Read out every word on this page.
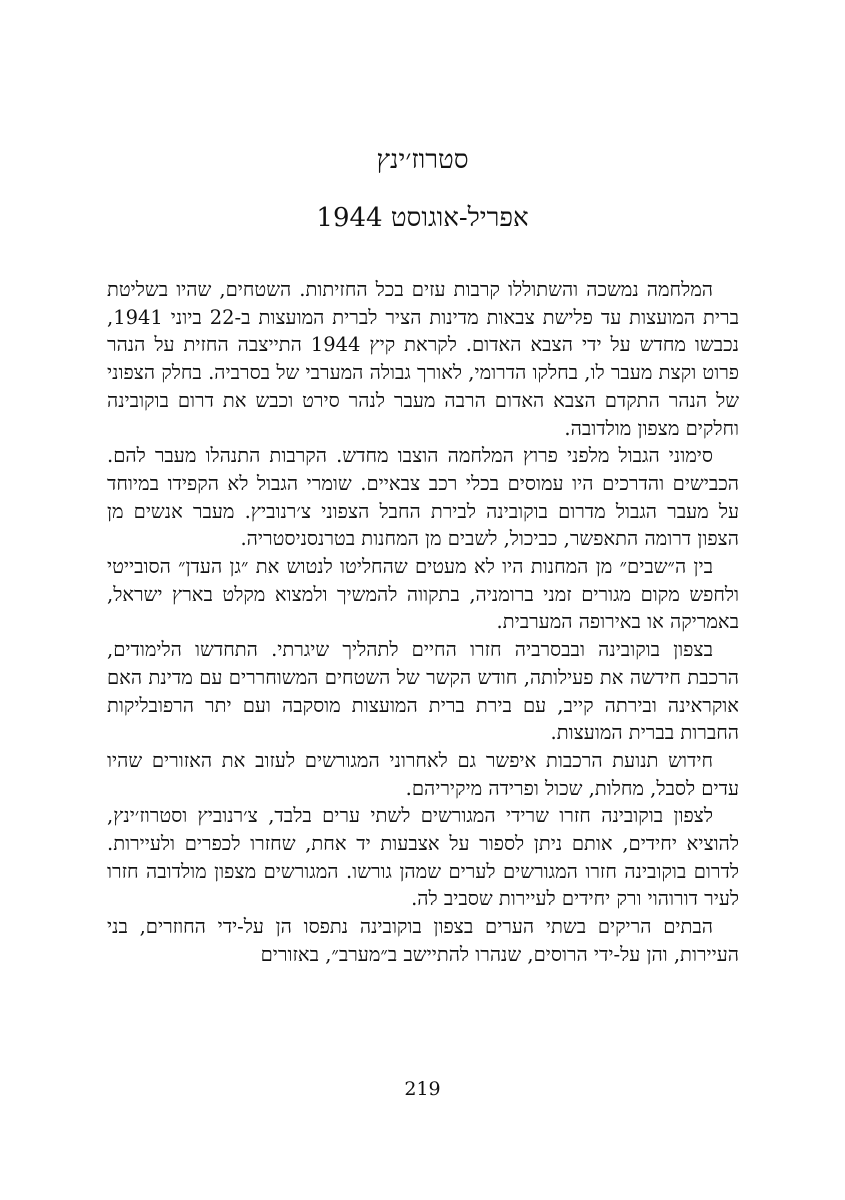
סטרוז׳ינץ
אפריל-אוגוסט 1944

המלחמה נמשכה והשתוללו קרבות עזים בכל החזיתות. השטחים, שהיו בשליטת ברית המועצות עד פלישת צבאות מדינות הציר לברית המועצות ב-22 ביוני 1941, נכבשו מחדש על ידי הצבא האדום. לקראת קיץ 1944 התייצבה החזית על הנהר פרוט וקצת מעבר לו, בחלקו הדרומי, לאורך גבולה המערבי של בסרביה. בחלק הצפוני של הנהר התקדם הצבא האדום הרבה מעבר לנהר סירט וכבש את דרום בוקובינה וחלקים מצפון מולדובה.

סימוני הגבול מלפני פרוץ המלחמה הוצבו מחדש. הקרבות התנהלו מעבר להם. הכבישים והדרכים היו עמוסים בכלי רכב צבאיים. שומרי הגבול לא הקפידו במיוחד על מעבר הגבול מדרום בוקובינה לבירת החבל הצפוני צ׳רנוביץ. מעבר אנשים מן הצפון דרומה התאפשר, כביכול, לשבים מן המחנות בטרנסניסטריה.

בין ה״שבים״ מן המחנות היו לא מעטים שהחליטו לנטוש את ״גן העדן״ הסובייטי ולחפש מקום מגורים זמני ברומניה, בתקווה להמשיך ולמצוא מקלט בארץ ישראל, באמריקה או באירופה המערבית.

בצפון בוקובינה ובבסרביה חזרו החיים לתהליך שיגרתי. התחדשו הלימודים, הרכבת חידשה את פעילותה, חודש הקשר של השטחים המשוחררים עם מדינת האם אוקראינה ובירתה קייב, עם בירת ברית המועצות מוסקבה ועם יתר הרפובליקות החברות בברית המועצות.

חידוש תנועת הרכבות איפשר גם לאחרוני המגורשים לעזוב את האזורים שהיו עדים לסבל, מחלות, שכול ופרידה מיקיריהם.

לצפון בוקובינה חזרו שרידי המגורשים לשתי ערים בלבד, צ׳רנוביץ וסטרוז׳ינץ, להוציא יחידים, אותם ניתן לספור על אצבעות יד אחת, שחזרו לכפרים ולעיירות. לדרום בוקובינה חזרו המגורשים לערים שמהן גורשו. המגורשים מצפון מולדובה חזרו לעיר דורוהוי ורק יחידים לעיירות שסביב לה.

הבתים הריקים בשתי הערים בצפון בוקובינה נתפסו הן על-ידי החוזרים, בני העיירות, והן על-ידי הרוסים, שנהרו להתיישב ב״מערב״, באזורים

219
